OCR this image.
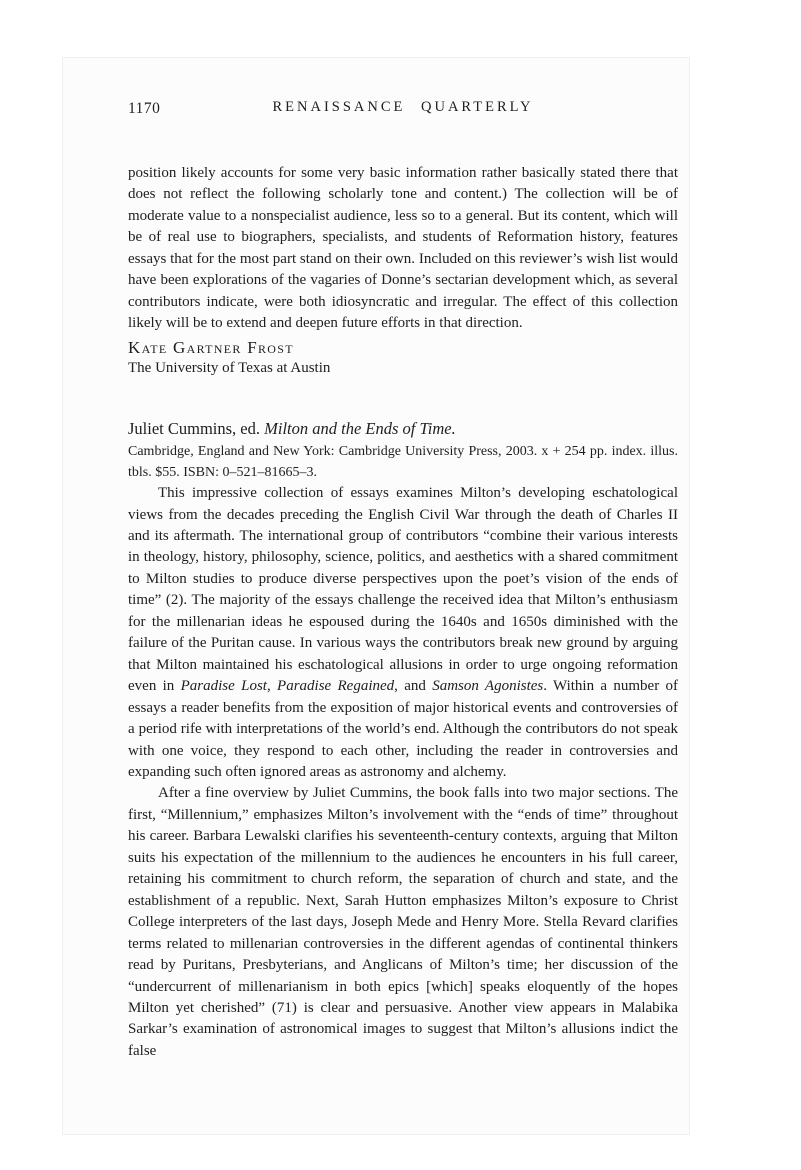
1170	RENAISSANCE QUARTERLY

position likely accounts for some very basic information rather basically stated there that does not reflect the following scholarly tone and content.) The collection will be of moderate value to a nonspecialist audience, less so to a general. But its content, which will be of real use to biographers, specialists, and students of Reformation history, features essays that for the most part stand on their own. Included on this reviewer’s wish list would have been explorations of the vagaries of Donne’s sectarian development which, as several contributors indicate, were both idiosyncratic and irregular. The effect of this collection likely will be to extend and deepen future efforts in that direction.

Kate Gartner Frost
The University of Texas at Austin
Juliet Cummins, ed. Milton and the Ends of Time.

Cambridge, England and New York: Cambridge University Press, 2003. x + 254 pp. index. illus. tbls. $55. ISBN: 0–521–81665–3.

This impressive collection of essays examines Milton’s developing eschatological views from the decades preceding the English Civil War through the death of Charles II and its aftermath. The international group of contributors “combine their various interests in theology, history, philosophy, science, politics, and aesthetics with a shared commitment to Milton studies to produce diverse perspectives upon the poet’s vision of the ends of time” (2). The majority of the essays challenge the received idea that Milton’s enthusiasm for the millenarian ideas he espoused during the 1640s and 1650s diminished with the failure of the Puritan cause. In various ways the contributors break new ground by arguing that Milton maintained his eschatological allusions in order to urge ongoing reformation even in Paradise Lost, Paradise Regained, and Samson Agonistes. Within a number of essays a reader benefits from the exposition of major historical events and controversies of a period rife with interpretations of the world’s end. Although the contributors do not speak with one voice, they respond to each other, including the reader in controversies and expanding such often ignored areas as astronomy and alchemy.

After a fine overview by Juliet Cummins, the book falls into two major sections. The first, “Millennium,” emphasizes Milton’s involvement with the “ends of time” throughout his career. Barbara Lewalski clarifies his seventeenth-century contexts, arguing that Milton suits his expectation of the millennium to the audiences he encounters in his full career, retaining his commitment to church reform, the separation of church and state, and the establishment of a republic. Next, Sarah Hutton emphasizes Milton’s exposure to Christ College interpreters of the last days, Joseph Mede and Henry More. Stella Revard clarifies terms related to millenarian controversies in the different agendas of continental thinkers read by Puritans, Presbyterians, and Anglicans of Milton’s time; her discussion of the “undercurrent of millenarianism in both epics [which] speaks eloquently of the hopes Milton yet cherished” (71) is clear and persuasive. Another view appears in Malabika Sarkar’s examination of astronomical images to suggest that Milton’s allusions indict the false
